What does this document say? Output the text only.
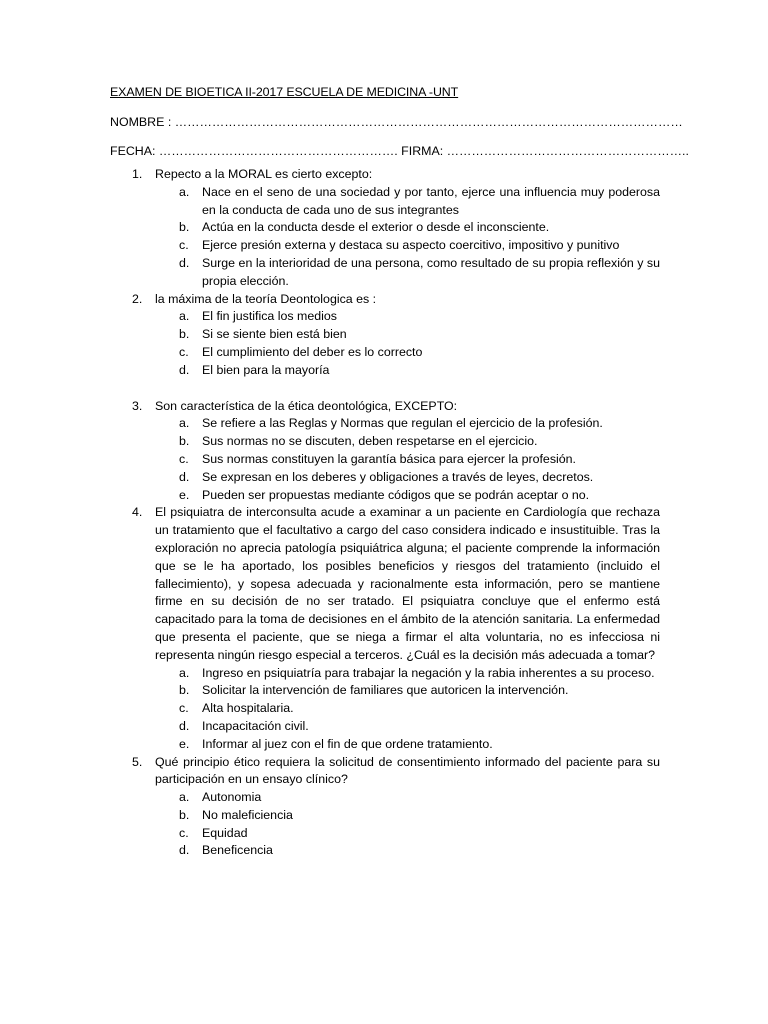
EXAMEN DE BIOETICA II-2017 ESCUELA DE MEDICINA -UNT
NOMBRE : ……………………………………………………………………………………………………………
FECHA: …………………………………………………. FIRMA: …………………………………………………..
1. Repecto a la MORAL es cierto excepto:
a. Nace en el seno de una sociedad y por tanto, ejerce una influencia muy poderosa en la conducta de cada uno de sus integrantes
b. Actúa en la conducta desde el exterior o desde el inconsciente.
c. Ejerce presión externa y destaca su aspecto coercitivo, impositivo y punitivo
d. Surge en la interioridad de una persona, como resultado de su propia reflexión y su propia elección.
2. la máxima de la teoría Deontologica es :
a. El fin justifica los medios
b. Si se siente bien está bien
c. El cumplimiento del deber es lo correcto
d. El bien para la mayoría
3. Son característica de la ética deontológica, EXCEPTO:
a. Se refiere a las Reglas y Normas que regulan el ejercicio de la profesión.
b. Sus normas no se discuten, deben respetarse en el ejercicio.
c. Sus normas constituyen la garantía básica para ejercer la profesión.
d. Se expresan en los deberes y obligaciones a través de leyes, decretos.
e. Pueden ser propuestas mediante códigos que se podrán aceptar o no.
4. El psiquiatra de interconsulta acude a examinar a un paciente en Cardiología que rechaza un tratamiento que el facultativo a cargo del caso considera indicado e insustituible. Tras la exploración no aprecia patología psiquiátrica alguna; el paciente comprende la información que se le ha aportado, los posibles beneficios y riesgos del tratamiento (incluido el fallecimiento), y sopesa adecuada y racionalmente esta información, pero se mantiene firme en su decisión de no ser tratado. El psiquiatra concluye que el enfermo está capacitado para la toma de decisiones en el ámbito de la atención sanitaria. La enfermedad que presenta el paciente, que se niega a firmar el alta voluntaria, no es infecciosa ni representa ningún riesgo especial a terceros. ¿Cuál es la decisión más adecuada a tomar?
a. Ingreso en psiquiatría para trabajar la negación y la rabia inherentes a su proceso.
b. Solicitar la intervención de familiares que autoricen la intervención.
c. Alta hospitalaria.
d. Incapacitación civil.
e. Informar al juez con el fin de que ordene tratamiento.
5. Qué principio ético requiera la solicitud de consentimiento informado del paciente para su participación en un ensayo clínico?
a. Autonomia
b. No maleficiencia
c. Equidad
d. Beneficencia
